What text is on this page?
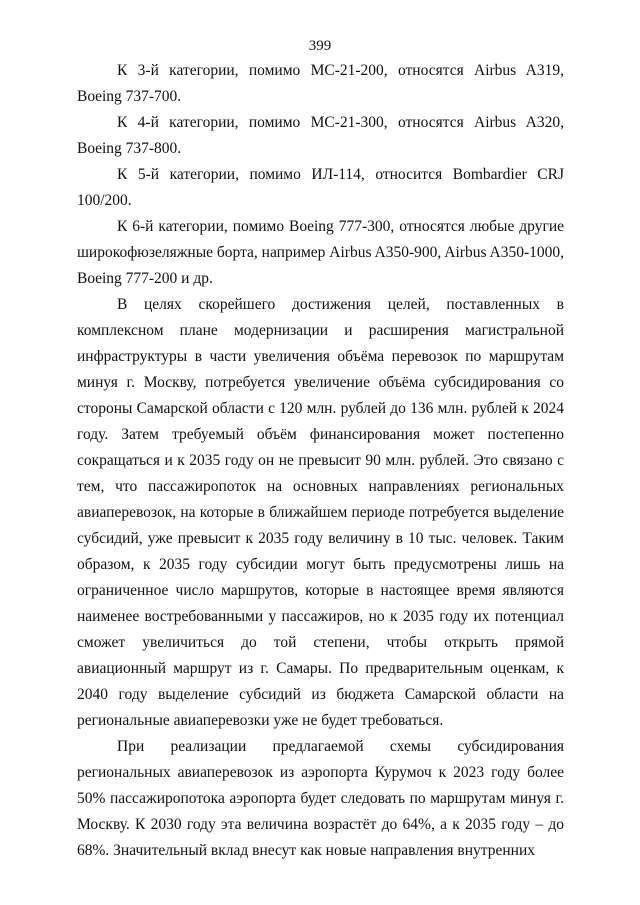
399

К 3-й категории, помимо МС-21-200, относятся Airbus A319, Boeing 737-700.

К 4-й категории, помимо МС-21-300, относятся Airbus A320, Boeing 737-800.

К 5-й категории, помимо ИЛ-114, относится Bombardier CRJ 100/200.

К 6-й категории, помимо Boeing 777-300, относятся любые другие широкофюзеляжные борта, например Airbus A350-900, Airbus A350-1000, Boeing 777-200 и др.

В целях скорейшего достижения целей, поставленных в комплексном плане модернизации и расширения магистральной инфраструктуры в части увеличения объёма перевозок по маршрутам минуя г. Москву, потребуется увеличение объёма субсидирования со стороны Самарской области с 120 млн. рублей до 136 млн. рублей к 2024 году. Затем требуемый объём финансирования может постепенно сокращаться и к 2035 году он не превысит 90 млн. рублей. Это связано с тем, что пассажиропоток на основных направлениях региональных авиаперевозок, на которые в ближайшем периоде потребуется выделение субсидий, уже превысит к 2035 году величину в 10 тыс. человек. Таким образом, к 2035 году субсидии могут быть предусмотрены лишь на ограниченное число маршрутов, которые в настоящее время являются наименее востребованными у пассажиров, но к 2035 году их потенциал сможет увеличиться до той степени, чтобы открыть прямой авиационный маршрут из г. Самары. По предварительным оценкам, к 2040 году выделение субсидий из бюджета Самарской области на региональные авиаперевозки уже не будет требоваться.

При реализации предлагаемой схемы субсидирования региональных авиаперевозок из аэропорта Курумоч к 2023 году более 50% пассажиропотока аэропорта будет следовать по маршрутам минуя г. Москву. К 2030 году эта величина возрастёт до 64%, а к 2035 году – до 68%. Значительный вклад внесут как новые направления внутренних
